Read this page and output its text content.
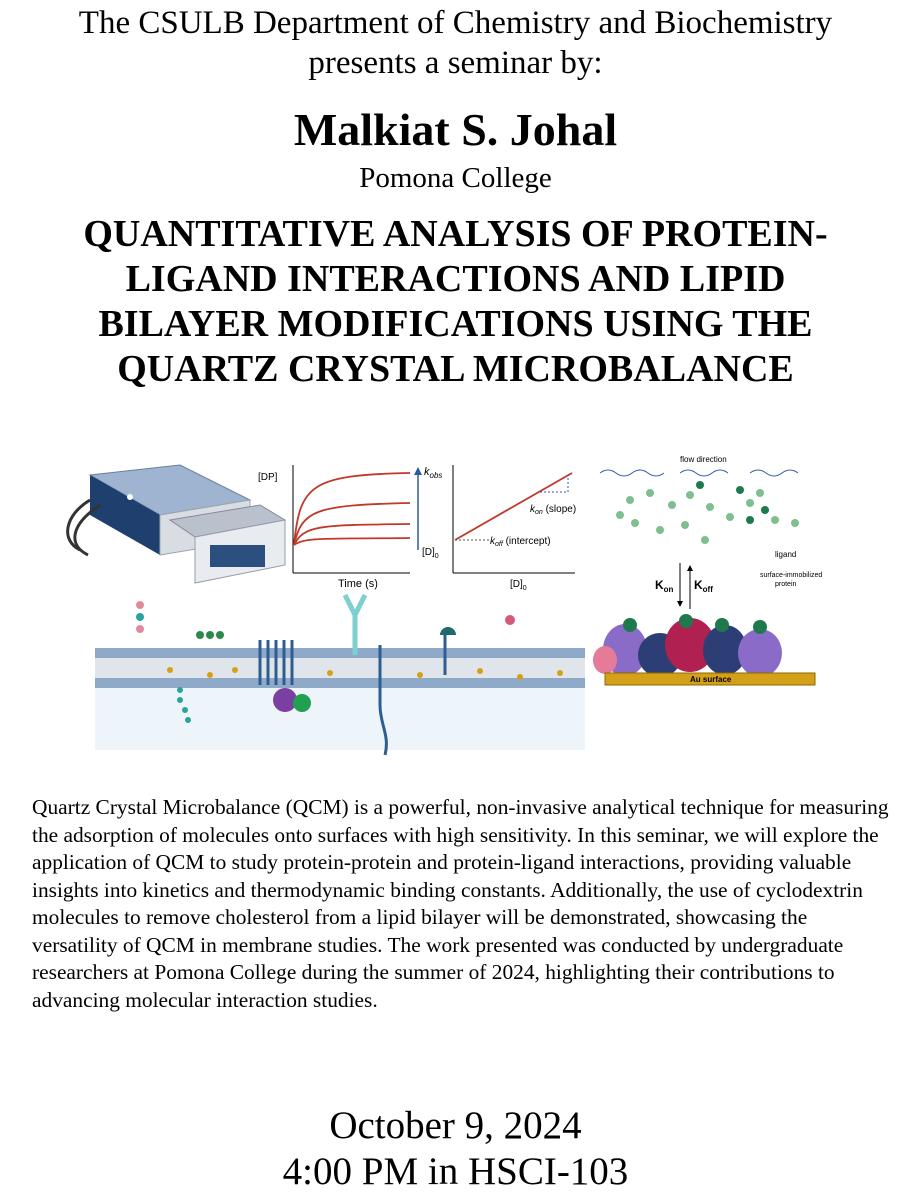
The CSULB Department of Chemistry and Biochemistry
presents a seminar by:
Malkiat S. Johal
Pomona College
QUANTITATIVE ANALYSIS OF PROTEIN-LIGAND INTERACTIONS AND LIPID BILAYER MODIFICATIONS USING THE QUARTZ CRYSTAL MICROBALANCE
[DP]
Time (s)
$k_{obs}$
$[D]_0$
$k_{on}$ (slope)
$k_{off}$ (intercept)
$[D]_0$
flow direction
ligand
$K_{on}$ $K_{off}$
surface-immobilized protein
Au surface
Quartz Crystal Microbalance (QCM) is a powerful, non-invasive analytical technique for measuring the adsorption of molecules onto surfaces with high sensitivity. In this seminar, we will explore the application of QCM to study protein-protein and protein-ligand interactions, providing valuable insights into kinetics and thermodynamic binding constants. Additionally, the use of cyclodextrin molecules to remove cholesterol from a lipid bilayer will be demonstrated, showcasing the versatility of QCM in membrane studies. The work presented was conducted by undergraduate researchers at Pomona College during the summer of 2024, highlighting their contributions to advancing molecular interaction studies.
October 9, 2024
4:00 PM in HSCI-103
